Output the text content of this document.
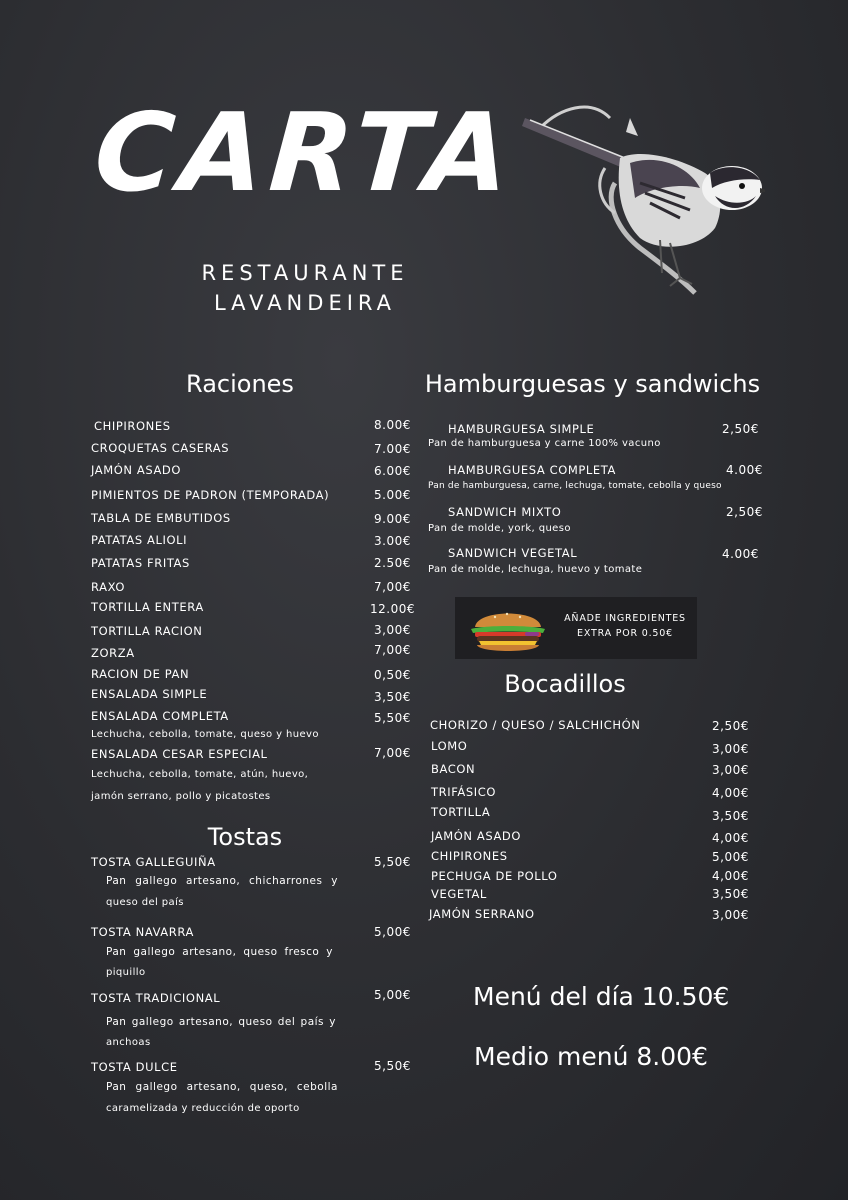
CARTA
RESTAURANTE
LAVANDEIRA
Raciones
CHIPIRONES	8.00€
CROQUETAS CASERAS	7.00€
JAMÓN ASADO	6.00€
PIMIENTOS DE PADRON (TEMPORADA)	5.00€
TABLA DE EMBUTIDOS	9.00€
PATATAS ALIOLI	3.00€
PATATAS FRITAS	2.50€
RAXO	7,00€
TORTILLA ENTERA	12.00€
TORTILLA RACION	3,00€
ZORZA	7,00€
RACION DE PAN	0,50€
ENSALADA SIMPLE	3,50€
ENSALADA COMPLETA	5,50€
Lechucha, cebolla, tomate, queso y huevo
ENSALADA CESAR ESPECIAL	7,00€
Lechucha, cebolla, tomate, atún, huevo,
jamón serrano, pollo y picatostes
Tostas
TOSTA GALLEGUIÑA	5,50€
Pan gallego artesano, chicharrones y
queso del país
TOSTA NAVARRA	5,00€
Pan gallego artesano, queso fresco y
piquillo
TOSTA TRADICIONAL	5,00€
Pan gallego artesano, queso del país y
anchoas
TOSTA DULCE	5,50€
Pan gallego artesano, queso, cebolla
caramelizada y reducción de oporto
Hamburguesas y sandwichs
HAMBURGUESA SIMPLE	2,50€
Pan de hamburguesa y carne 100% vacuno
HAMBURGUESA COMPLETA	4.00€
Pan de hamburguesa, carne, lechuga, tomate, cebolla y queso
SANDWICH MIXTO	2,50€
Pan de molde, york, queso
SANDWICH VEGETAL	4.00€
Pan de molde, lechuga, huevo y tomate
AÑADE INGREDIENTES
EXTRA POR 0.50€
Bocadillos
CHORIZO / QUESO / SALCHICHÓN	2,50€
LOMO	3,00€
BACON	3,00€
TRIFÁSICO	4,00€
TORTILLA	3,50€
JAMÓN ASADO	4,00€
CHIPIRONES	5,00€
PECHUGA DE POLLO	4,00€
VEGETAL	3,50€
JAMÓN SERRANO	3,00€
Menú del día 10.50€
Medio menú 8.00€
